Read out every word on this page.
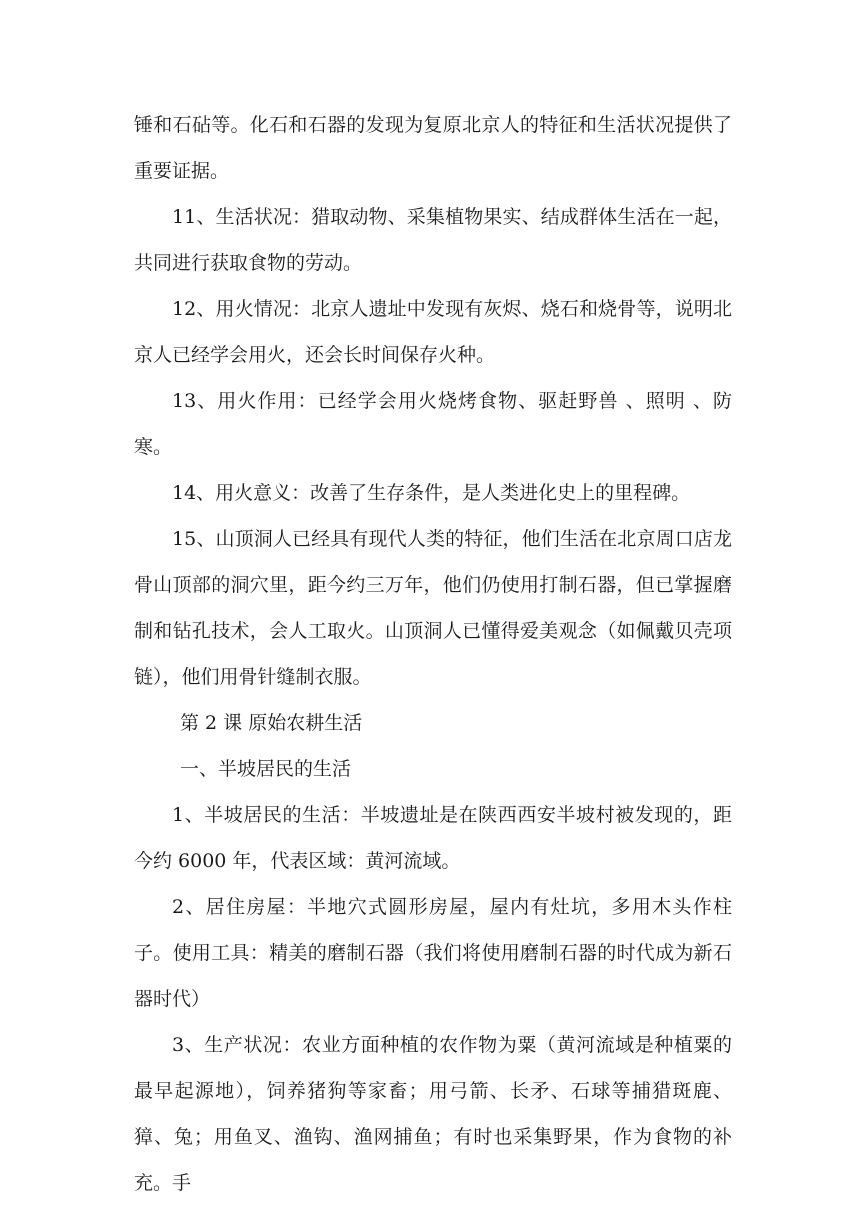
锤和石砧等。化石和石器的发现为复原北京人的特征和生活状况提供了重要证据。

11、生活状况：猎取动物、采集植物果实、结成群体生活在一起，共同进行获取食物的劳动。

12、用火情况：北京人遗址中发现有灰烬、烧石和烧骨等，说明北京人已经学会用火，还会长时间保存火种。

13、用火作用：已经学会用火烧烤食物、驱赶野兽 、照明 、防寒。

14、用火意义：改善了生存条件，是人类进化史上的里程碑。

15、山顶洞人已经具有现代人类的特征，他们生活在北京周口店龙骨山顶部的洞穴里，距今约三万年，他们仍使用打制石器，但已掌握磨制和钻孔技术，会人工取火。山顶洞人已懂得爱美观念（如佩戴贝壳项链），他们用骨针缝制衣服。

第 2 课 原始农耕生活

一、半坡居民的生活

1、半坡居民的生活：半坡遗址是在陕西西安半坡村被发现的，距今约 6000 年，代表区域：黄河流域。

2、居住房屋：半地穴式圆形房屋，屋内有灶坑，多用木头作柱子。使用工具：精美的磨制石器（我们将使用磨制石器的时代成为新石器时代）

3、生产状况：农业方面种植的农作物为粟（黄河流域是种植粟的最早起源地），饲养猪狗等家畜；用弓箭、长矛、石球等捕猎斑鹿、獐、兔；用鱼叉、渔钩、渔网捕鱼；有时也采集野果，作为食物的补充。手
